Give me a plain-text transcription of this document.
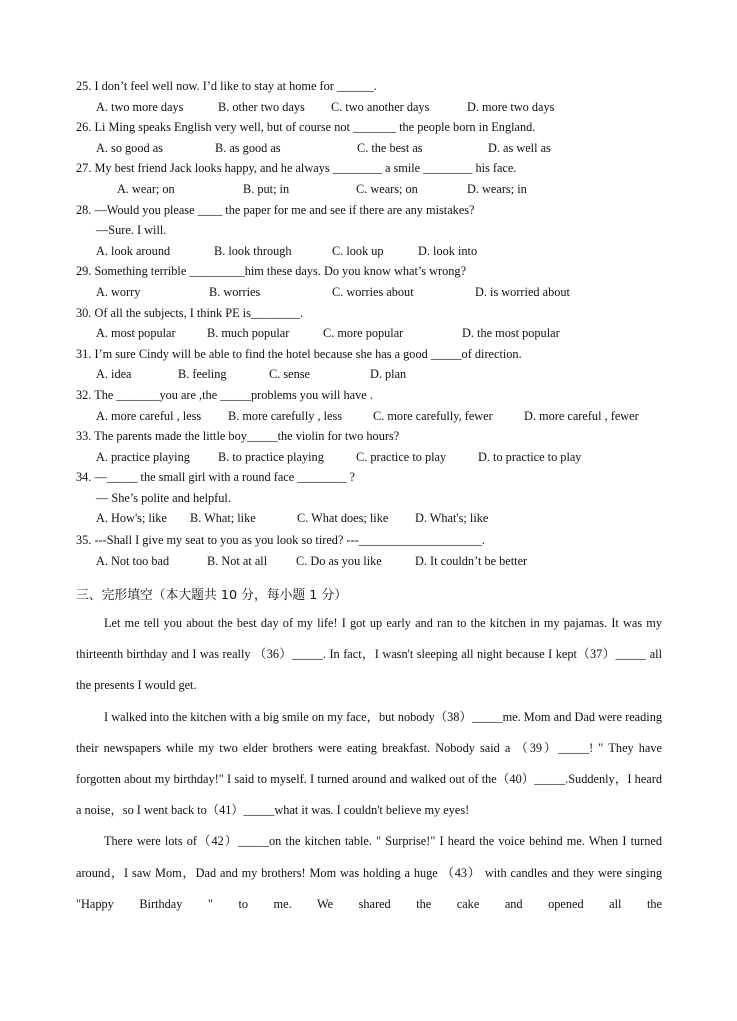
25. I don’t feel well now. I’d like to stay at home for ______.
A. two more days	B. other two days C. two another days	D. more two days
26. Li Ming speaks English very well, but of course not _______ the people born in England.
A. so good as	B. as good as	C. the best as	D. as well as
27. My best friend Jack looks happy, and he always ________ a smile ________ his face.
A. wear; on	B. put; in	C. wears; on	D. wears; in
28. —Would you please ____ the paper for me and see if there are any mistakes?
—Sure. I will.
A. look around	B. look through	C. look up	D. look into
29. Something terrible _________him these days. Do you know what’s wrong?
A. worry	B. worries	C. worries about	D. is worried about
30. Of all the subjects, I think PE is________.
A. most popular	B. much popular	C. more popular	D. the most popular
31. I’m sure Cindy will be able to find the hotel because she has a good _____of direction.
A. idea	B. feeling	C. sense	D. plan
32. The _______you are ,the _____problems you will have .
A. more careful , less B. more carefully , less	C. more carefully, fewer	D. more careful , fewer
33. The parents made the little boy_____the violin for two hours?
A. practice playing B. to practice playing	C. practice to play	D. to practice to play
34. —_____ the small girl with a round face ________ ?
— She’s polite and helpful.
A. How's; like B. What; like	C. What does; like D. What's; like
35. ---Shall I give my seat to you as you look so tired? ---____________________.
A. Not too bad	B. Not at all C. Do as you like	D. It couldn’t be better
三、完形填空（本大题共 10 分，每小题 1 分）

Let me tell you about the best day of my life! I got up early and ran to the kitchen in my pajamas. It was my thirteenth birthday and I was really （36）_____. In fact，I wasn't sleeping all night because I kept（37）_____ all the presents I would get.

I walked into the kitchen with a big smile on my face，but nobody（38）_____me. Mom and Dad were reading their newspapers while my two elder brothers were eating breakfast. Nobody said a （39）_____! " They have forgotten about my birthday!" I said to myself. I turned around and walked out of the（40）_____.Suddenly，I heard a noise，so I went back to（41）_____what it was. I couldn't believe my eyes!

There were lots of（42）_____on the kitchen table. " Surprise!" I heard the voice behind me. When I turned around，I saw Mom，Dad and my brothers! Mom was holding a huge （43） with candles and they were singing "Happy Birthday " to me. We shared the cake and opened all the
